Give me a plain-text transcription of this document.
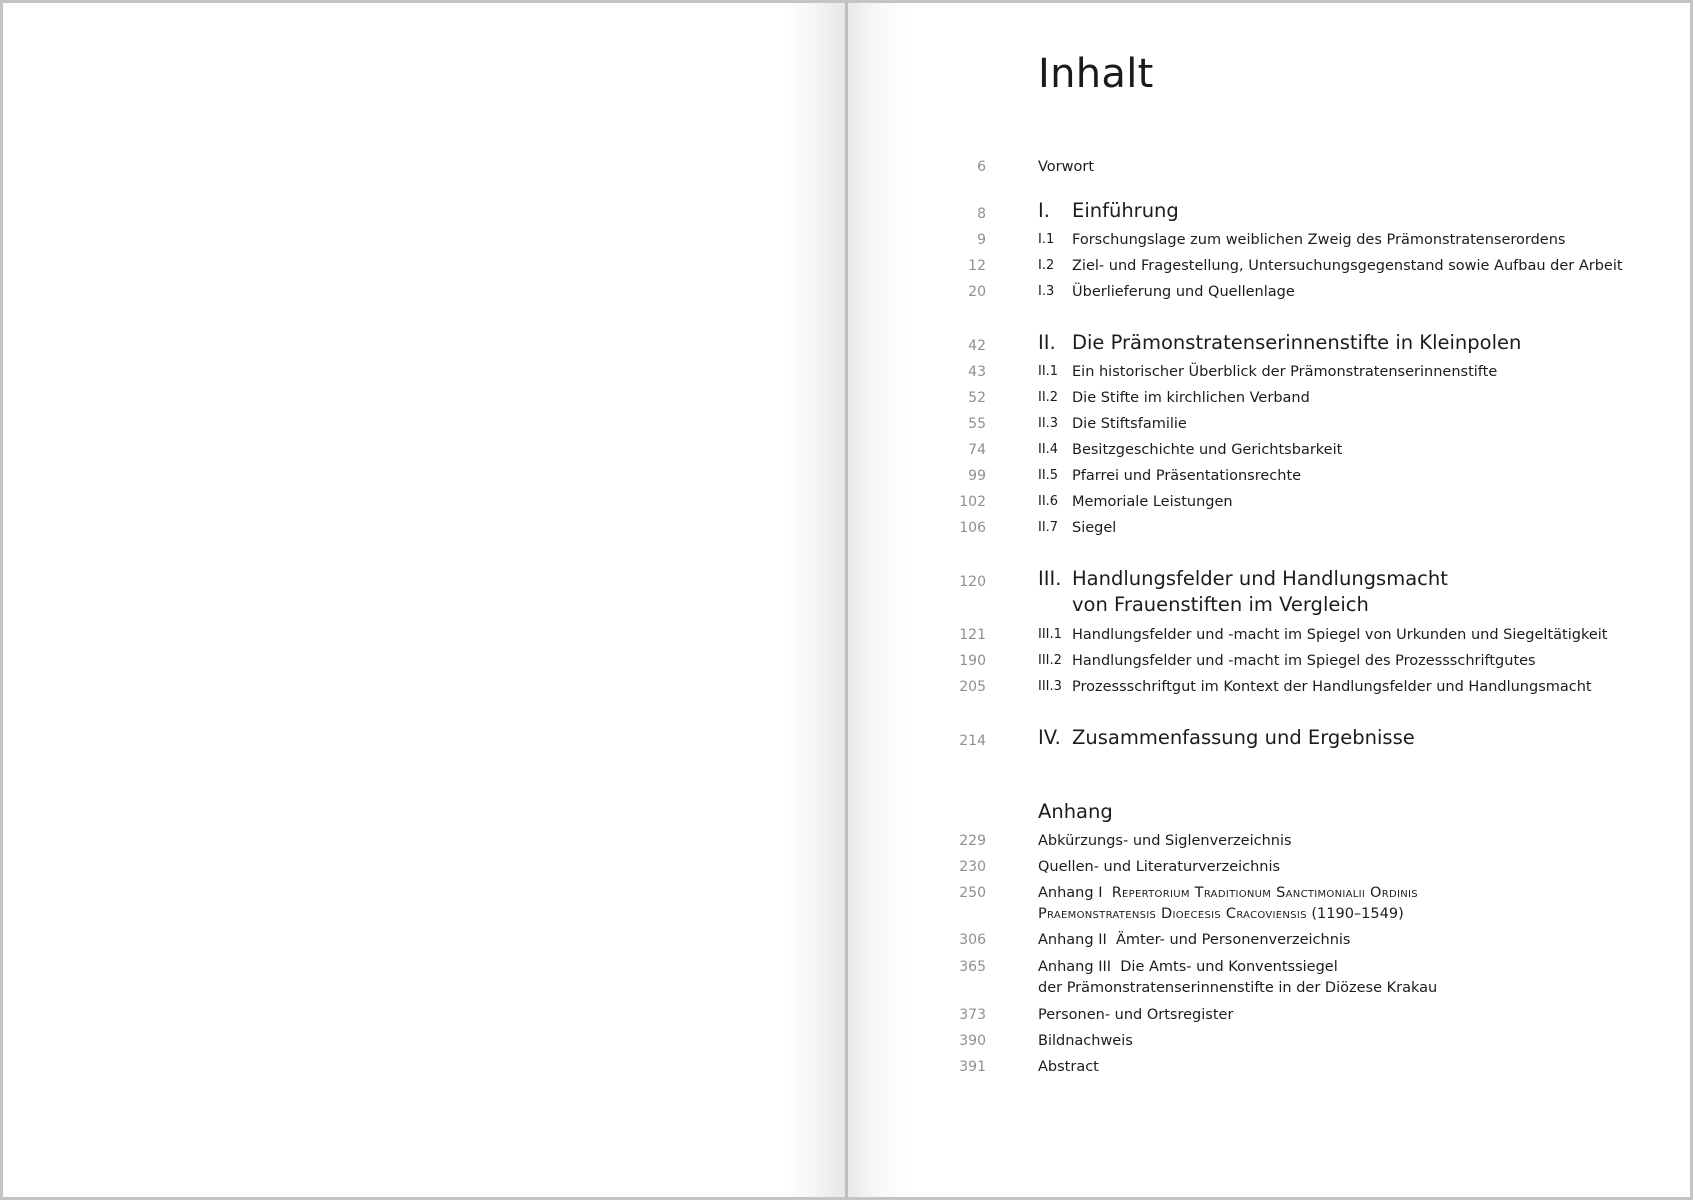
Inhalt
6	Vorwort
8	I. Einführung
9	I.1 Forschungslage zum weiblichen Zweig des Prämonstratenserordens
12	I.2 Ziel- und Fragestellung, Untersuchungsgegenstand sowie Aufbau der Arbeit
20	I.3 Überlieferung und Quellenlage
42	II. Die Prämonstratenserinnenstifte in Kleinpolen
43	II.1 Ein historischer Überblick der Prämonstratenserinnenstifte
52	II.2 Die Stifte im kirchlichen Verband
55	II.3 Die Stiftsfamilie
74	II.4 Besitzgeschichte und Gerichtsbarkeit
99	II.5 Pfarrei und Präsentationsrechte
102	II.6 Memoriale Leistungen
106	II.7 Siegel
120	III. Handlungsfelder und Handlungsmacht
von Frauenstiften im Vergleich
121	III.1 Handlungsfelder und -macht im Spiegel von Urkunden und Siegeltätigkeit
190	III.2 Handlungsfelder und -macht im Spiegel des Prozessschriftgutes
205	III.3 Prozessschriftgut im Kontext der Handlungsfelder und Handlungsmacht
214	IV. Zusammenfassung und Ergebnisse
Anhang
229	Abkürzungs- und Siglenverzeichnis
230	Quellen- und Literaturverzeichnis
250	Anhang I Repertorium Traditionum Sanctimonialii Ordinis
Praemonstratensis Dioecesis Cracoviensis (1190–1549)
306	Anhang II Ämter- und Personenverzeichnis
365	Anhang III Die Amts- und Konventssiegel
der Prämonstratenserinnenstifte in der Diözese Krakau
373	Personen- und Ortsregister
390	Bildnachweis
391	Abstract
